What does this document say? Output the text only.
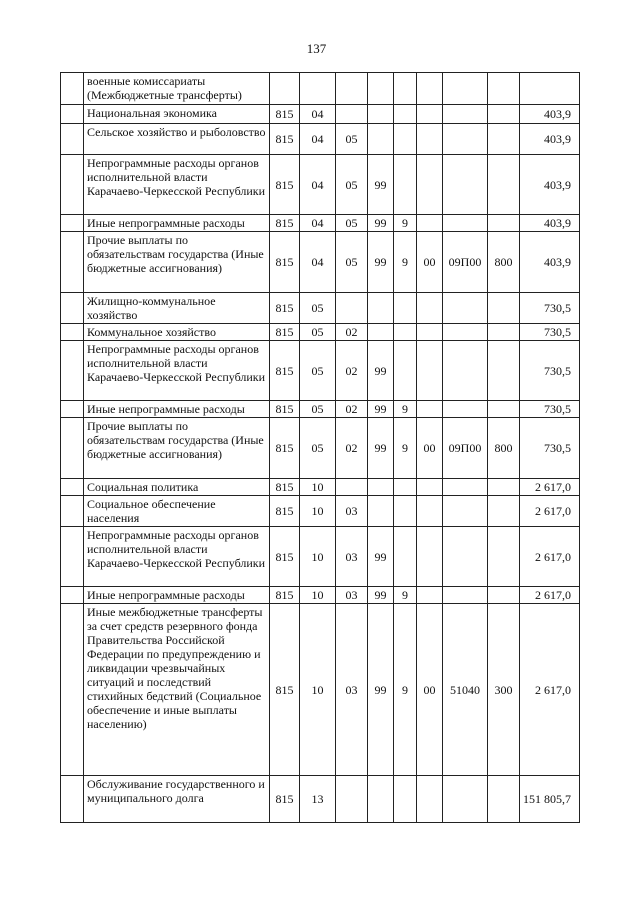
137
	военные комиссариаты (Межбюджетные трансферты)									
	Национальная экономика	815	04							403,9
	Сельское хозяйство и рыболовство	815	04	05						403,9
	Непрограммные расходы органов исполнительной власти Карачаево-Черкесской Республики	815	04	05	99					403,9
	Иные непрограммные расходы	815	04	05	99	9				403,9
	Прочие выплаты по обязательствам государства (Иные бюджетные ассигнования)	815	04	05	99	9	00	09П00	800	403,9
	Жилищно-коммунальное хозяйство	815	05							730,5
	Коммунальное хозяйство	815	05	02						730,5
	Непрограммные расходы органов исполнительной власти Карачаево-Черкесской Республики	815	05	02	99					730,5
	Иные непрограммные расходы	815	05	02	99	9				730,5
	Прочие выплаты по обязательствам государства (Иные бюджетные ассигнования)	815	05	02	99	9	00	09П00	800	730,5
	Социальная политика	815	10							2 617,0
	Социальное обеспечение населения	815	10	03						2 617,0
	Непрограммные расходы органов исполнительной власти Карачаево-Черкесской Республики	815	10	03	99					2 617,0
	Иные непрограммные расходы	815	10	03	99	9				2 617,0
	Иные межбюджетные трансферты за счет средств резервного фонда Правительства Российской Федерации по предупреждению и ликвидации чрезвычайных ситуаций и последствий стихийных бедствий (Социальное обеспечение и иные выплаты населению)	815	10	03	99	9	00	51040	300	2 617,0
	Обслуживание государственного и муниципального долга	815	13							151 805,7
